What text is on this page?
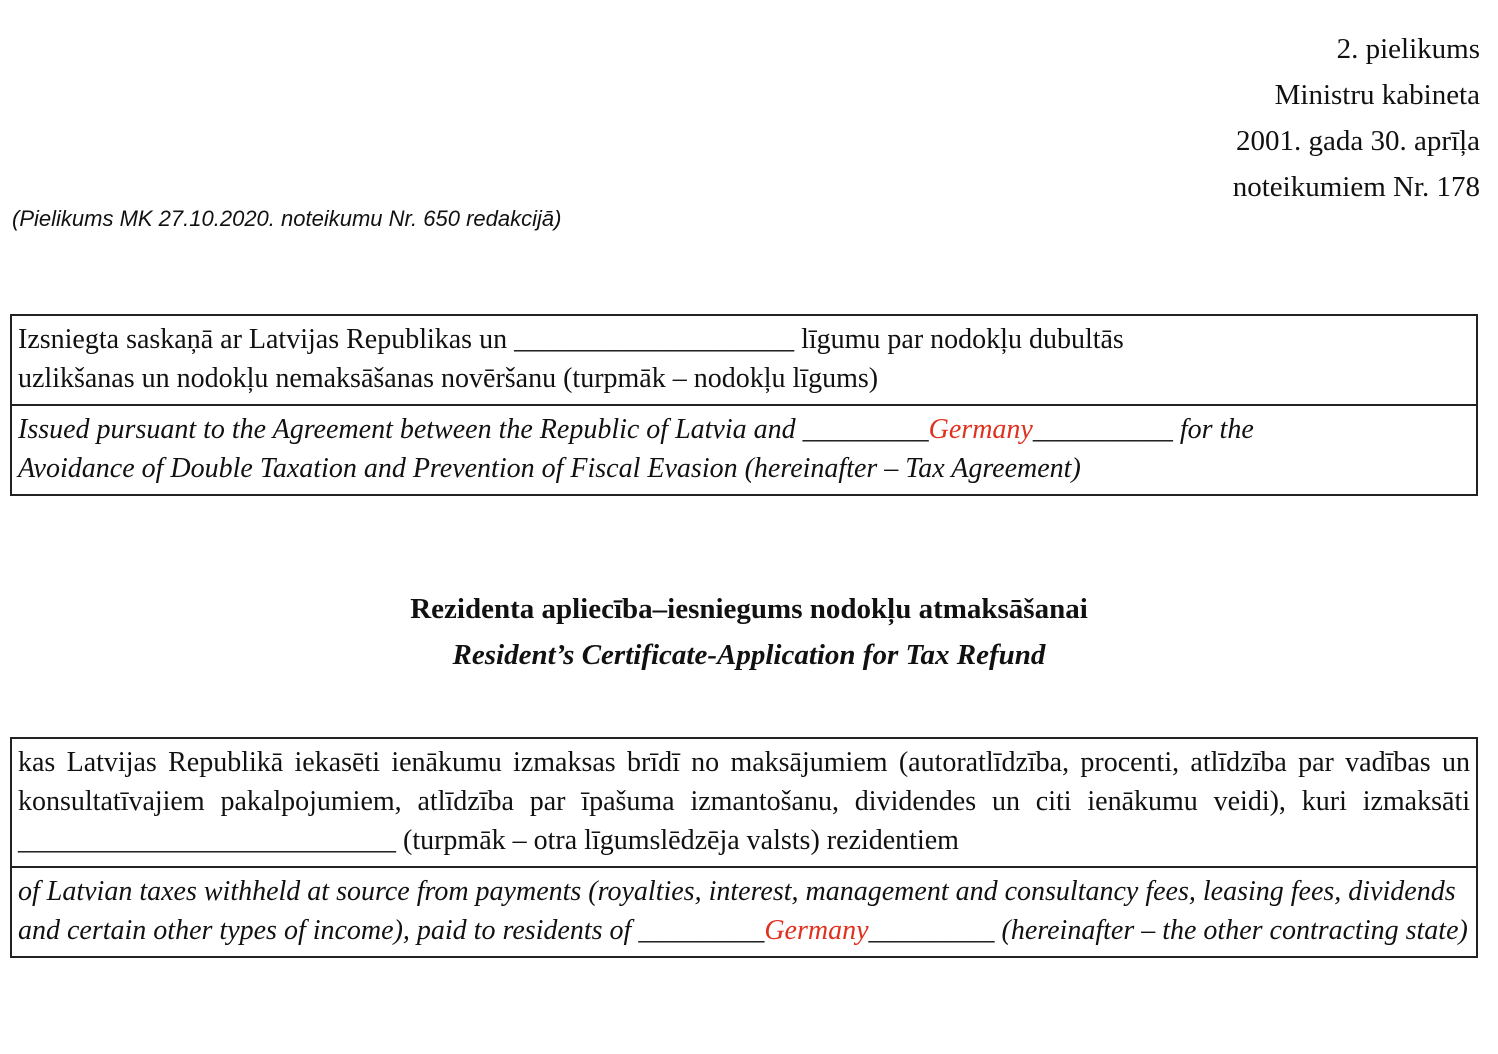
2. pielikums
Ministru kabineta
2001. gada 30. aprīļa
noteikumiem Nr. 178
(Pielikums MK 27.10.2020. noteikumu Nr. 650 redakcijā)
Izsniegta saskaņā ar Latvijas Republikas un ____________________ līgumu par nodokļu dubultās
uzlikšanas un nodokļu nemaksāšanas novēršanu (turpmāk – nodokļu līgums)
Issued pursuant to the Agreement between the Republic of Latvia and _________Germany__________ for the
Avoidance of Double Taxation and Prevention of Fiscal Evasion (hereinafter – Tax Agreement)
Rezidenta apliecība–iesniegums nodokļu atmaksāšanai
Resident’s Certificate-Application for Tax Refund
kas Latvijas Republikā iekasēti ienākumu izmaksas brīdī no maksājumiem (autoratlīdzība, procenti, atlīdzība par vadības un konsultatīvajiem pakalpojumiem, atlīdzība par īpašuma izmantošanu, dividendes un citi ienākumu veidi), kuri izmaksāti ___________________________ (turpmāk – otra līgumslēdzēja valsts) rezidentiem
of Latvian taxes withheld at source from payments (royalties, interest, management and consultancy fees, leasing fees, dividends and certain other types of income), paid to residents of _________Germany_________ (hereinafter – the other contracting state)
